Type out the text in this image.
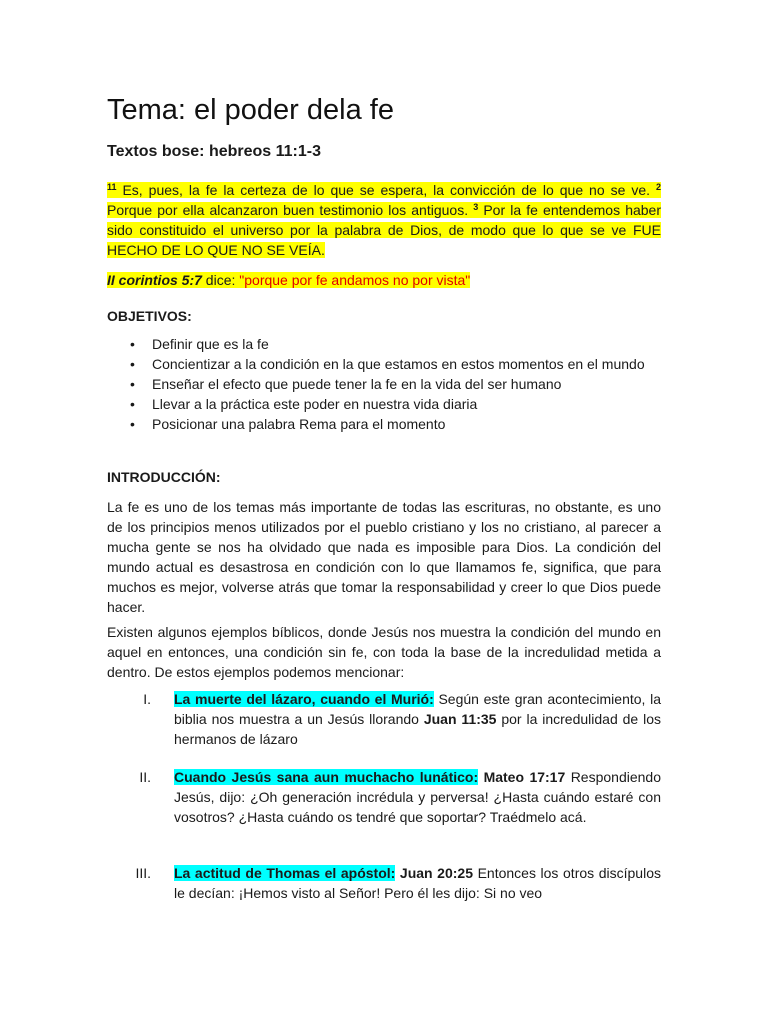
Tema: el poder dela fe
Textos bose: hebreos 11:1-3
$^{11}$ Es, pues, la fe la certeza de lo que se espera, la convicción de lo que no se ve. $^2$ Porque por ella alcanzaron buen testimonio los antiguos. $^3$ Por la fe entendemos haber sido constituido el universo por la palabra de Dios, de modo que lo que se ve FUE HECHO DE LO QUE NO SE VEÍA.
II corintios 5:7 dice: "porque por fe andamos no por vista"
OBJETIVOS:
• Definir que es la fe
• Concientizar a la condición en la que estamos en estos momentos en el mundo
• Enseñar el efecto que puede tener la fe en la vida del ser humano
• Llevar a la práctica este poder en nuestra vida diaria
• Posicionar una palabra Rema para el momento
INTRODUCCIÓN:
La fe es uno de los temas más importante de todas las escrituras, no obstante, es uno de los principios menos utilizados por el pueblo cristiano y los no cristiano, al parecer a mucha gente se nos ha olvidado que nada es imposible para Dios. La condición del mundo actual es desastrosa en condición con lo que llamamos fe, significa, que para muchos es mejor, volverse atrás que tomar la responsabilidad y creer lo que Dios puede hacer.
Existen algunos ejemplos bíblicos, donde Jesús nos muestra la condición del mundo en aquel en entonces, una condición sin fe, con toda la base de la incredulidad metida a dentro. De estos ejemplos podemos mencionar:
I. La muerte del lázaro, cuando el Murió: Según este gran acontecimiento, la biblia nos muestra a un Jesús llorando Juan 11:35 por la incredulidad de los hermanos de lázaro
II. Cuando Jesús sana aun muchacho lunático: Mateo 17:17 Respondiendo Jesús, dijo: ¿Oh generación incrédula y perversa! ¿Hasta cuándo estaré con vosotros? ¿Hasta cuándo os tendré que soportar? Traédmelo acá.
III. La actitud de Thomas el apóstol: Juan 20:25 Entonces los otros discípulos le decían: ¡Hemos visto al Señor! Pero él les dijo: Si no veo
